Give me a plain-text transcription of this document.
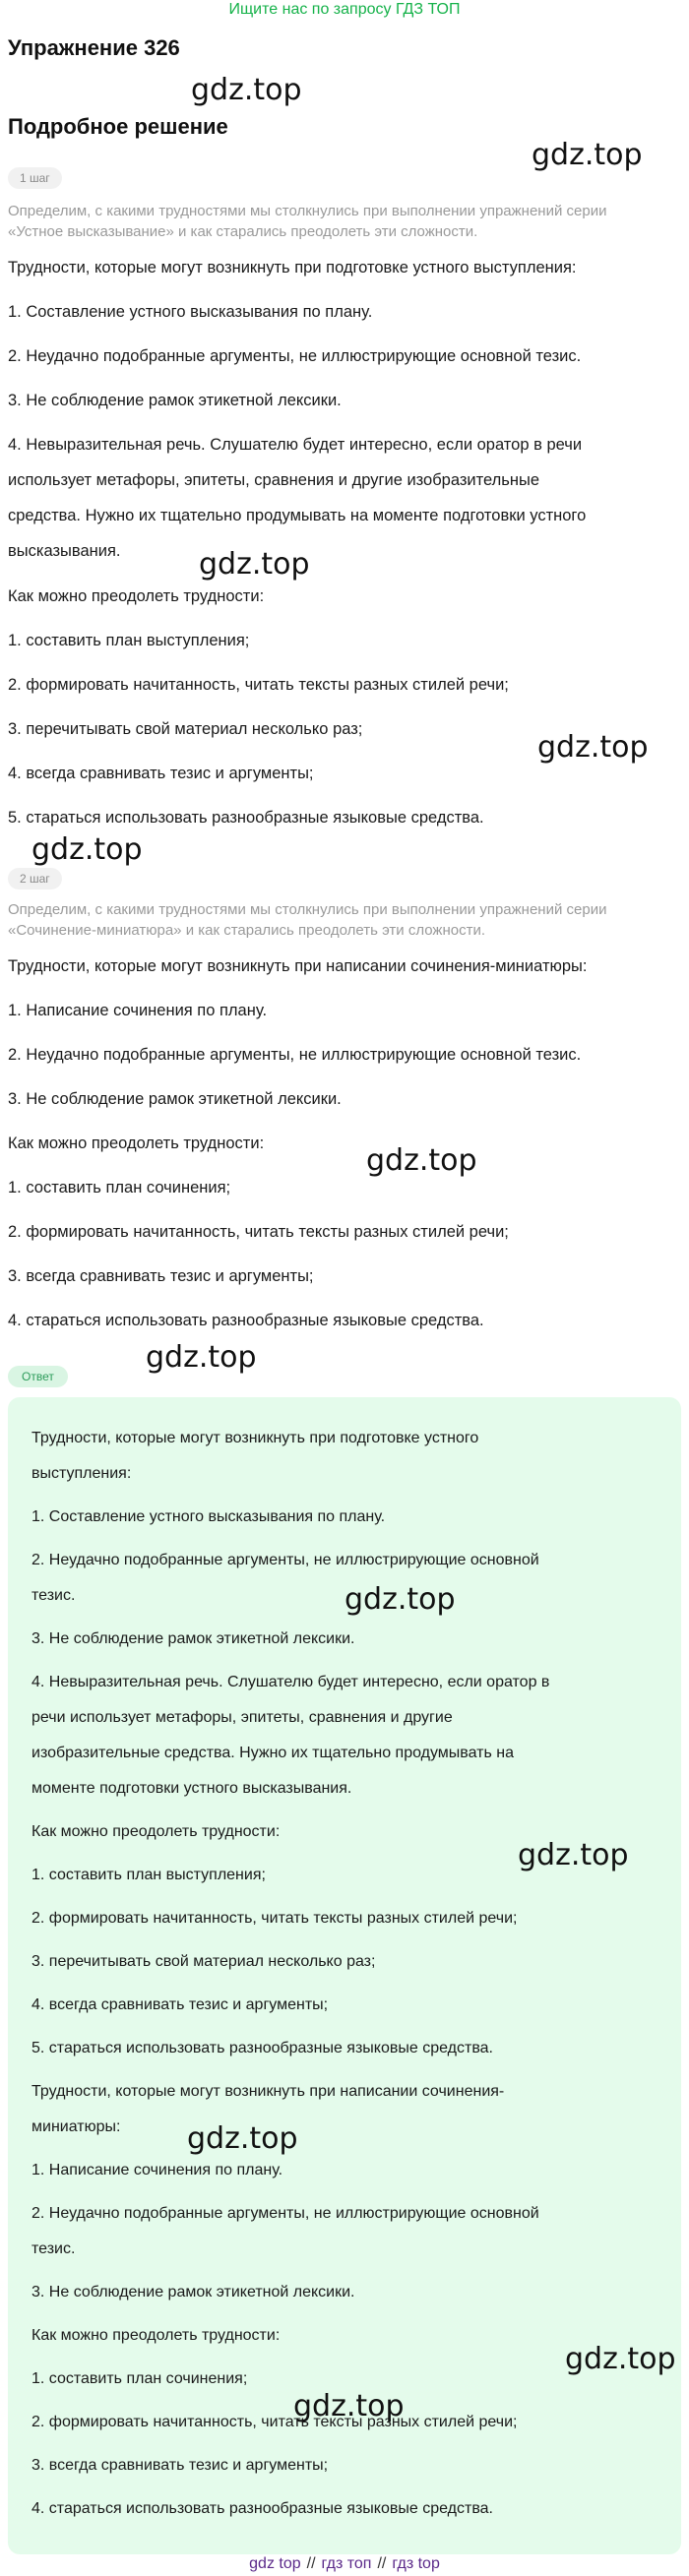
Ищите нас по запросу ГДЗ ТОП
Упражнение 326
Подробное решение
1 шаг
Определим, с какими трудностями мы столкнулись при выполнении упражнений серии
«Устное высказывание» и как старались преодолеть эти сложности.
Трудности, которые могут возникнуть при подготовке устного выступления:
1. Составление устного высказывания по плану.
2. Неудачно подобранные аргументы, не иллюстрирующие основной тезис.
3. Не соблюдение рамок этикетной лексики.
4. Невыразительная речь. Слушателю будет интересно, если оратор в речи
использует метафоры, эпитеты, сравнения и другие изобразительные
средства. Нужно их тщательно продумывать на моменте подготовки устного
высказывания.
Как можно преодолеть трудности:
1. составить план выступления;
2. формировать начитанность, читать тексты разных стилей речи;
3. перечитывать свой материал несколько раз;
4. всегда сравнивать тезис и аргументы;
5. стараться использовать разнообразные языковые средства.
2 шаг
Определим, с какими трудностями мы столкнулись при выполнении упражнений серии
«Сочинение-миниатюра» и как старались преодолеть эти сложности.
Трудности, которые могут возникнуть при написании сочинения-миниатюры:
1. Написание сочинения по плану.
2. Неудачно подобранные аргументы, не иллюстрирующие основной тезис.
3. Не соблюдение рамок этикетной лексики.
Как можно преодолеть трудности:
1. составить план сочинения;
2. формировать начитанность, читать тексты разных стилей речи;
3. всегда сравнивать тезис и аргументы;
4. стараться использовать разнообразные языковые средства.
Ответ
Трудности, которые могут возникнуть при подготовке устного
выступления:
1. Составление устного высказывания по плану.
2. Неудачно подобранные аргументы, не иллюстрирующие основной
тезис.
3. Не соблюдение рамок этикетной лексики.
4. Невыразительная речь. Слушателю будет интересно, если оратор в
речи использует метафоры, эпитеты, сравнения и другие
изобразительные средства. Нужно их тщательно продумывать на
моменте подготовки устного высказывания.
Как можно преодолеть трудности:
1. составить план выступления;
2. формировать начитанность, читать тексты разных стилей речи;
3. перечитывать свой материал несколько раз;
4. всегда сравнивать тезис и аргументы;
5. стараться использовать разнообразные языковые средства.
Трудности, которые могут возникнуть при написании сочинения-
миниатюры:
1. Написание сочинения по плану.
2. Неудачно подобранные аргументы, не иллюстрирующие основной
тезис.
3. Не соблюдение рамок этикетной лексики.
Как можно преодолеть трудности:
1. составить план сочинения;
2. формировать начитанность, читать тексты разных стилей речи;
3. всегда сравнивать тезис и аргументы;
4. стараться использовать разнообразные языковые средства.
gdz.top
gdz.top
gdz.top
gdz.top
gdz.top
gdz.top
gdz.top
gdz.top
gdz.top
gdz.top
gdz.top
gdz.top
gdz top // гдз топ // гдз top
